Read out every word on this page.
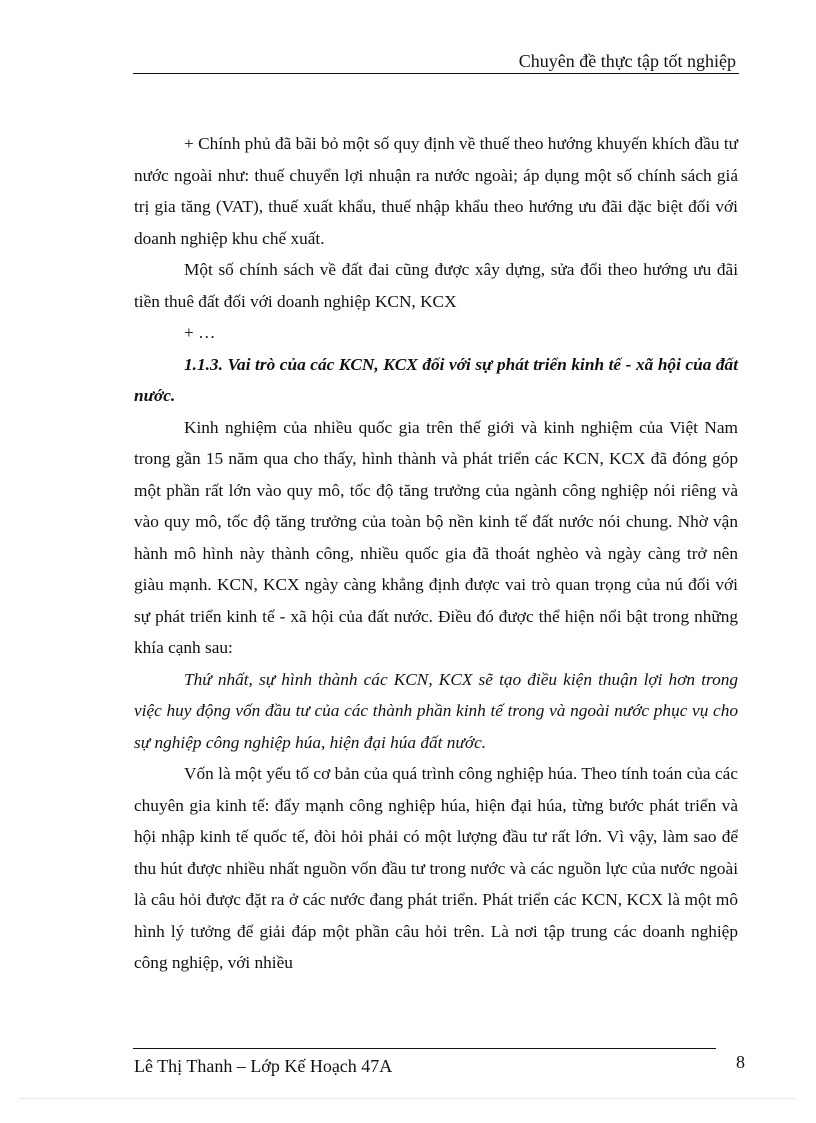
Chuyên đề thực tập tốt nghiệp

+ Chính phủ đã bãi bỏ một số quy định về thuế theo hướng khuyến khích đầu tư nước ngoài như: thuế chuyển lợi nhuận ra nước ngoài; áp dụng một số chính sách giá trị gia tăng (VAT), thuế xuất khẩu, thuế nhập khẩu theo hướng ưu đãi đặc biệt đối với doanh nghiệp khu chế xuất.

Một số chính sách về đất đai cũng được xây dựng, sửa đổi theo hướng ưu đãi tiền thuê đất đối với doanh nghiệp KCN, KCX

+ …

1.1.3. Vai trò của các KCN, KCX đối với sự phát triển kinh tế - xã hội của đất nước.

Kinh nghiệm của nhiều quốc gia trên thế giới và kinh nghiệm của Việt Nam trong gần 15 năm qua cho thấy, hình thành và phát triển các KCN, KCX đã đóng góp một phần rất lớn vào quy mô, tốc độ tăng trưởng của ngành công nghiệp nói riêng và vào quy mô, tốc độ tăng trưởng của toàn bộ nền kinh tế đất nước nói chung. Nhờ vận hành mô hình này thành công, nhiều quốc gia đã thoát nghèo và ngày càng trở nên giàu mạnh. KCN, KCX ngày càng khẳng định được vai trò quan trọng của nú đối với sự phát triển kinh tế - xã hội của đất nước. Điều đó được thể hiện nổi bật trong những khía cạnh sau:

Thứ nhất, sự hình thành các KCN, KCX sẽ tạo điều kiện thuận lợi hơn trong việc huy động vốn đầu tư của các thành phần kinh tế trong và ngoài nước phục vụ cho sự nghiệp công nghiệp húa, hiện đại húa đất nước.

Vốn là một yếu tố cơ bản của quá trình công nghiệp húa. Theo tính toán của các chuyên gia kinh tế: đẩy mạnh công nghiệp húa, hiện đại húa, từng bước phát triển và hội nhập kinh tế quốc tế, đòi hỏi phải có một lượng đầu tư rất lớn. Vì vậy, làm sao để thu hút được nhiều nhất nguồn vốn đầu tư trong nước và các nguồn lực của nước ngoài là câu hỏi được đặt ra ở các nước đang phát triển. Phát triển các KCN, KCX là một mô hình lý tưởng để giải đáp một phần câu hỏi trên. Là nơi tập trung các doanh nghiệp công nghiệp, với nhiều

Lê Thị Thanh – Lớp Kế Hoạch 47A	8
